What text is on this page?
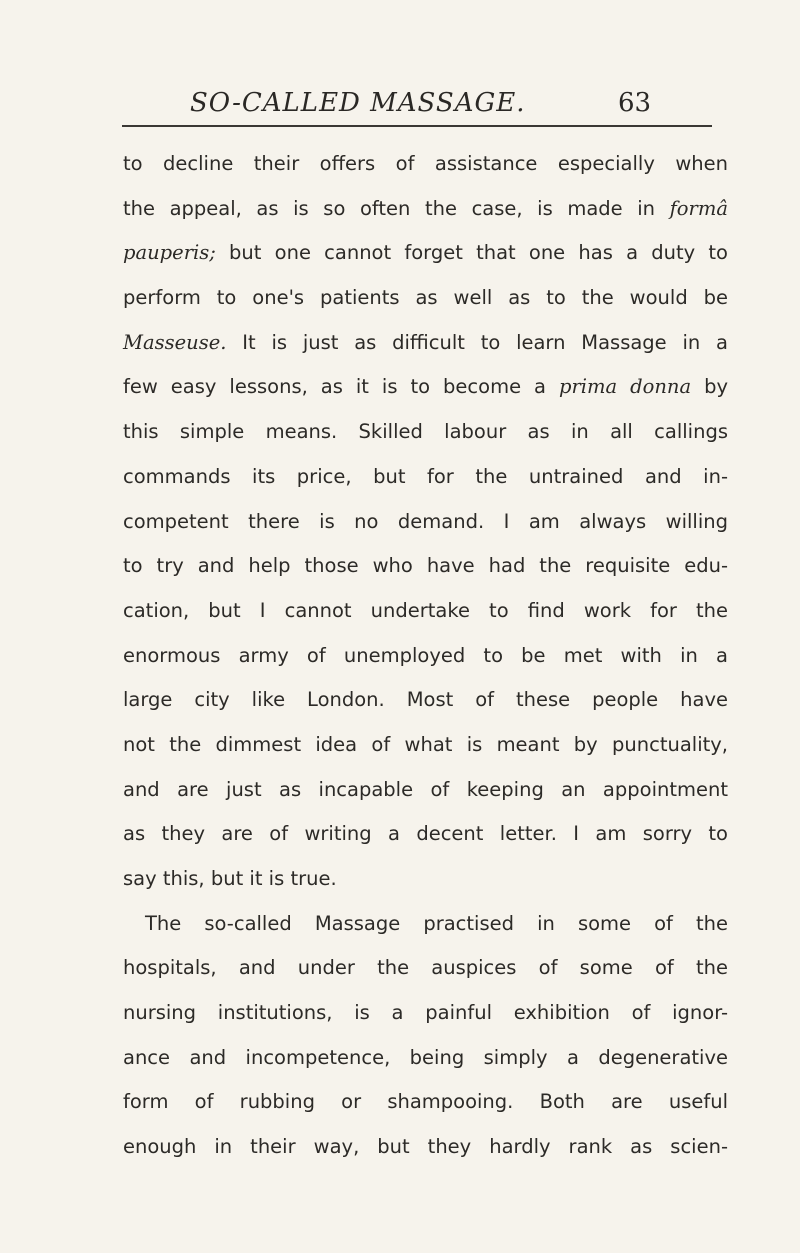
SO-CALLED MASSAGE.	63
to decline their offers of assistance especially when
the appeal, as is so often the case, is made in formâ
pauperis; but one cannot forget that one has a duty to
perform to one's patients as well as to the would be
Masseuse. It is just as difficult to learn Massage in a
few easy lessons, as it is to become a prima donna by
this simple means. Skilled labour as in all callings
commands its price, but for the untrained and in-
competent there is no demand. I am always willing
to try and help those who have had the requisite edu-
cation, but I cannot undertake to find work for the
enormous army of unemployed to be met with in a
large city like London. Most of these people have
not the dimmest idea of what is meant by punctuality,
and are just as incapable of keeping an appointment
as they are of writing a decent letter. I am sorry to
say this, but it is true.
The so-called Massage practised in some of the
hospitals, and under the auspices of some of the
nursing institutions, is a painful exhibition of ignor-
ance and incompetence, being simply a degenerative
form of rubbing or shampooing. Both are useful
enough in their way, but they hardly rank as scien-
